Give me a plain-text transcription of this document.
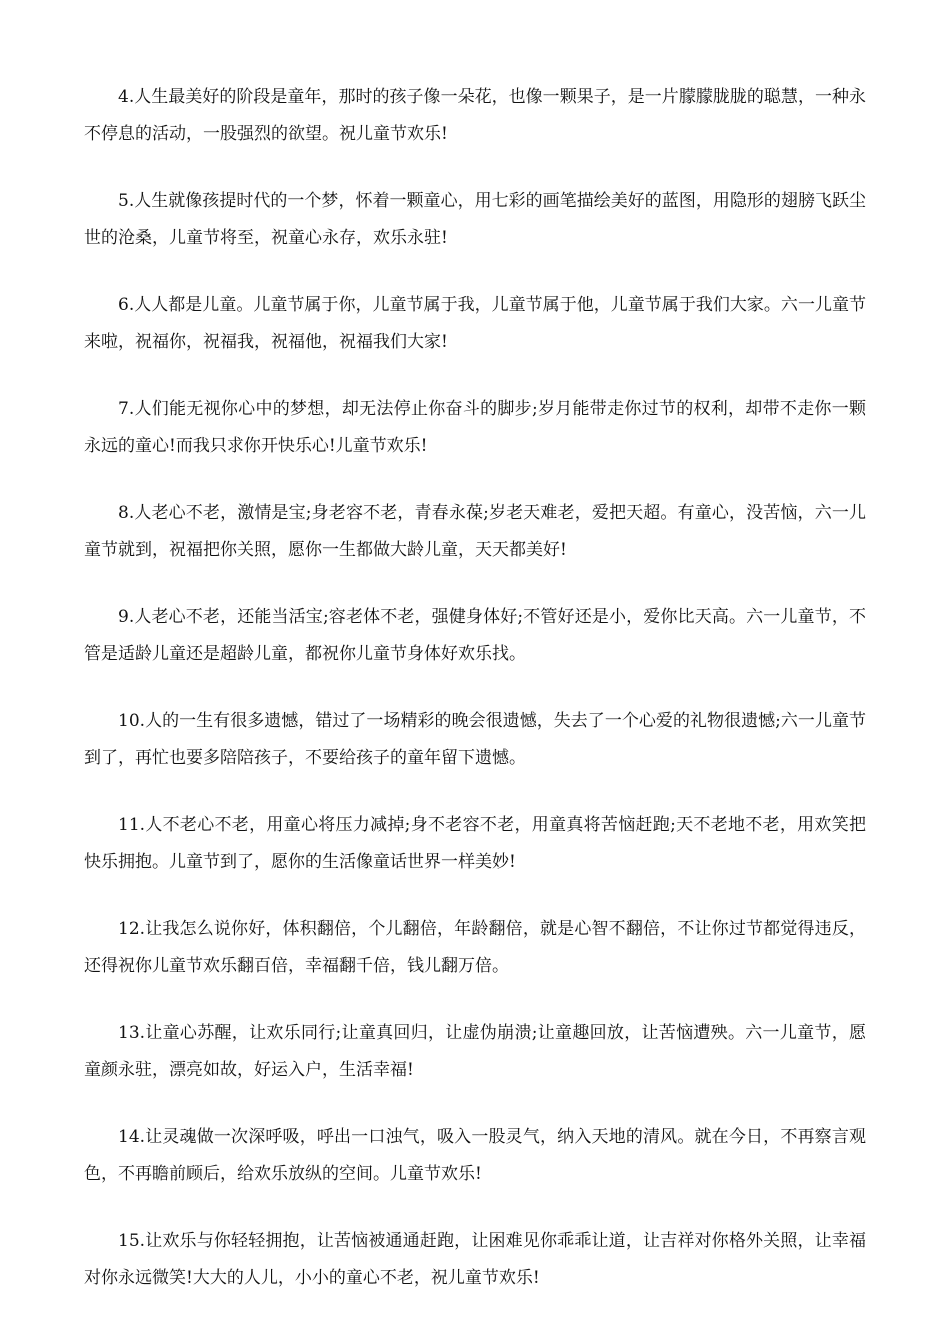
4.人生最美好的阶段是童年，那时的孩子像一朵花，也像一颗果子，是一片朦朦胧胧的聪慧，一种永不停息的活动，一股强烈的欲望。祝儿童节欢乐!

5.人生就像孩提时代的一个梦，怀着一颗童心，用七彩的画笔描绘美好的蓝图，用隐形的翅膀飞跃尘世的沧桑，儿童节将至，祝童心永存，欢乐永驻!

6.人人都是儿童。儿童节属于你，儿童节属于我，儿童节属于他，儿童节属于我们大家。六一儿童节来啦，祝福你，祝福我，祝福他，祝福我们大家!

7.人们能无视你心中的梦想，却无法停止你奋斗的脚步;岁月能带走你过节的权利，却带不走你一颗永远的童心!而我只求你开快乐心!儿童节欢乐!

8.人老心不老，激情是宝;身老容不老，青春永葆;岁老天难老，爱把天超。有童心，没苦恼，六一儿童节就到，祝福把你关照，愿你一生都做大龄儿童，天天都美好!

9.人老心不老，还能当活宝;容老体不老，强健身体好;不管好还是小，爱你比天高。六一儿童节，不管是适龄儿童还是超龄儿童，都祝你儿童节身体好欢乐找。

10.人的一生有很多遗憾，错过了一场精彩的晚会很遗憾，失去了一个心爱的礼物很遗憾;六一儿童节到了，再忙也要多陪陪孩子，不要给孩子的童年留下遗憾。

11.人不老心不老，用童心将压力减掉;身不老容不老，用童真将苦恼赶跑;天不老地不老，用欢笑把快乐拥抱。儿童节到了，愿你的生活像童话世界一样美妙!

12.让我怎么说你好，体积翻倍，个儿翻倍，年龄翻倍，就是心智不翻倍，不让你过节都觉得违反，还得祝你儿童节欢乐翻百倍，幸福翻千倍，钱儿翻万倍。

13.让童心苏醒，让欢乐同行;让童真回归，让虚伪崩溃;让童趣回放，让苦恼遭殃。六一儿童节，愿童颜永驻，漂亮如故，好运入户，生活幸福!

14.让灵魂做一次深呼吸，呼出一口浊气，吸入一股灵气，纳入天地的清风。就在今日，不再察言观色，不再瞻前顾后，给欢乐放纵的空间。儿童节欢乐!

15.让欢乐与你轻轻拥抱，让苦恼被通通赶跑，让困难见你乖乖让道，让吉祥对你格外关照，让幸福对你永远微笑!大大的人儿，小小的童心不老，祝儿童节欢乐!
